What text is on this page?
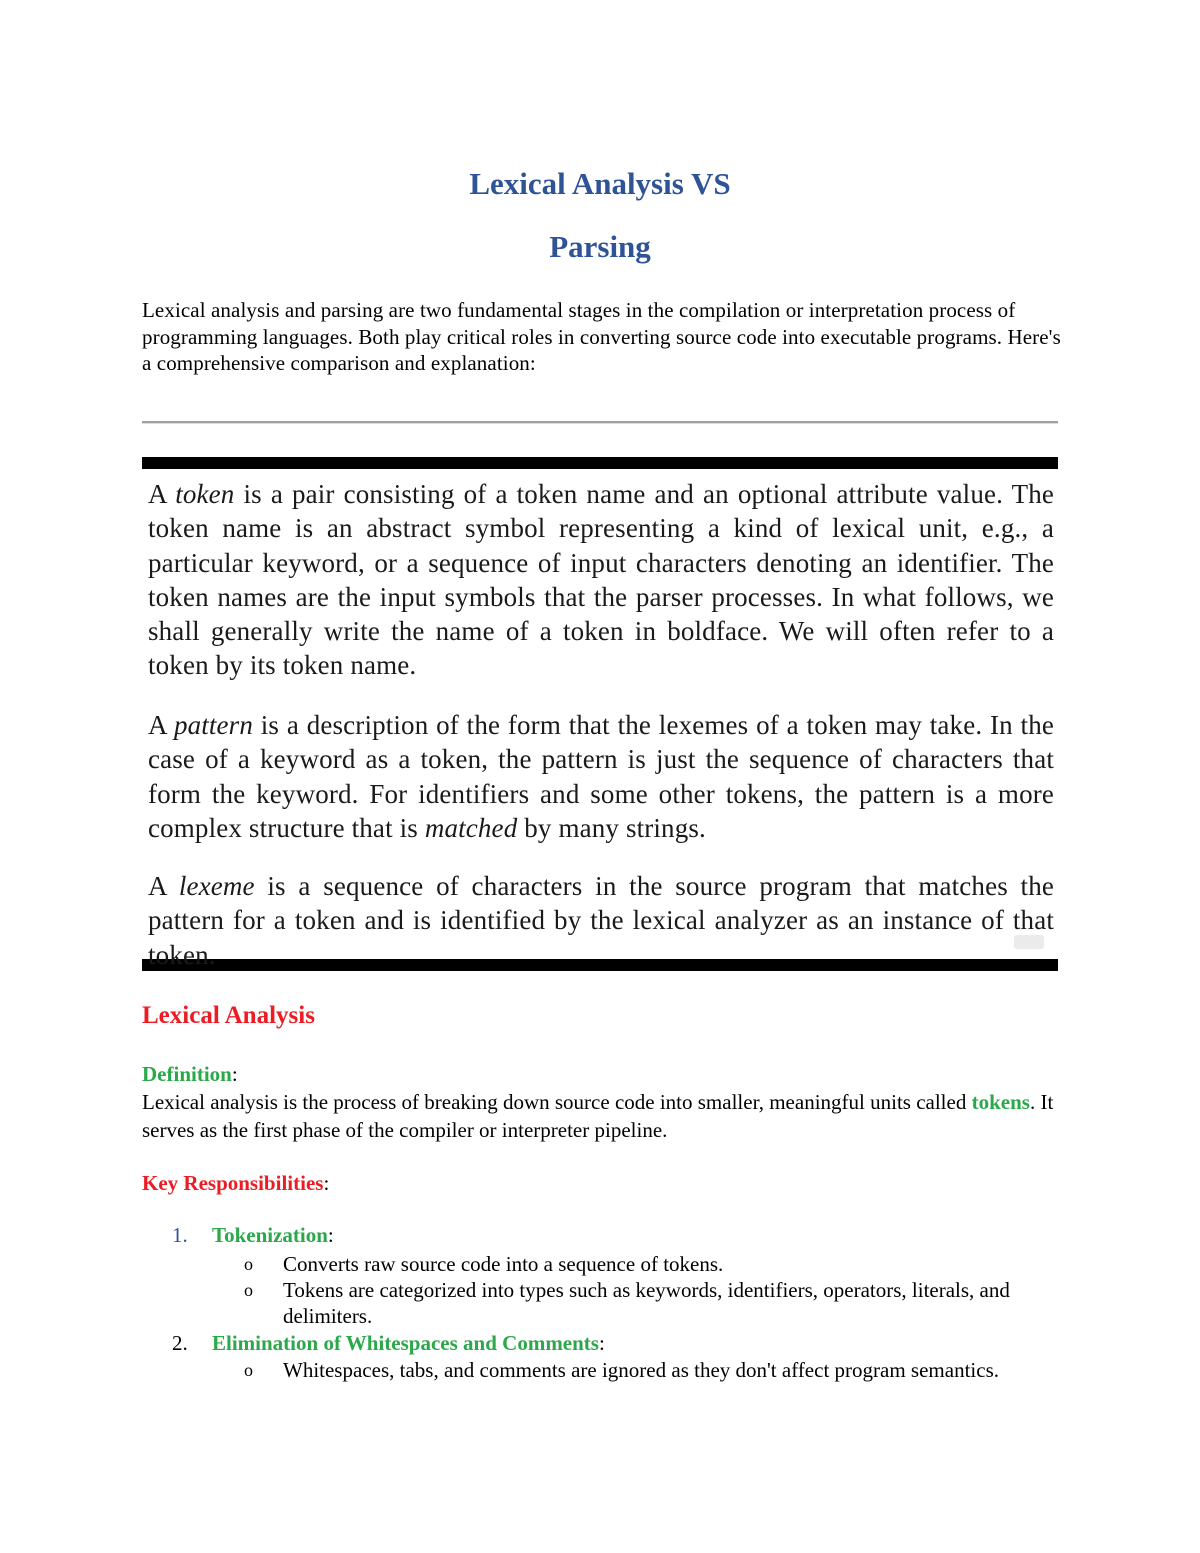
Lexical Analysis VS
Parsing

Lexical analysis and parsing are two fundamental stages in the compilation or interpretation process of programming languages. Both play critical roles in converting source code into executable programs. Here's a comprehensive comparison and explanation:

A token is a pair consisting of a token name and an optional attribute value. The token name is an abstract symbol representing a kind of lexical unit, e.g., a particular keyword, or a sequence of input characters denoting an identifier. The token names are the input symbols that the parser processes. In what follows, we shall generally write the name of a token in boldface. We will often refer to a token by its token name.

A pattern is a description of the form that the lexemes of a token may take. In the case of a keyword as a token, the pattern is just the sequence of characters that form the keyword. For identifiers and some other tokens, the pattern is a more complex structure that is matched by many strings.

A lexeme is a sequence of characters in the source program that matches the pattern for a token and is identified by the lexical analyzer as an instance of that token.

Lexical Analysis

Definition:

Lexical analysis is the process of breaking down source code into smaller, meaningful units called tokens. It serves as the first phase of the compiler or interpreter pipeline.

Key Responsibilities:

1.	Tokenization:
o Converts raw source code into a sequence of tokens.
o Tokens are categorized into types such as keywords, identifiers, operators, literals, and delimiters.
2.	Elimination of Whitespaces and Comments:
o Whitespaces, tabs, and comments are ignored as they don't affect program semantics.
